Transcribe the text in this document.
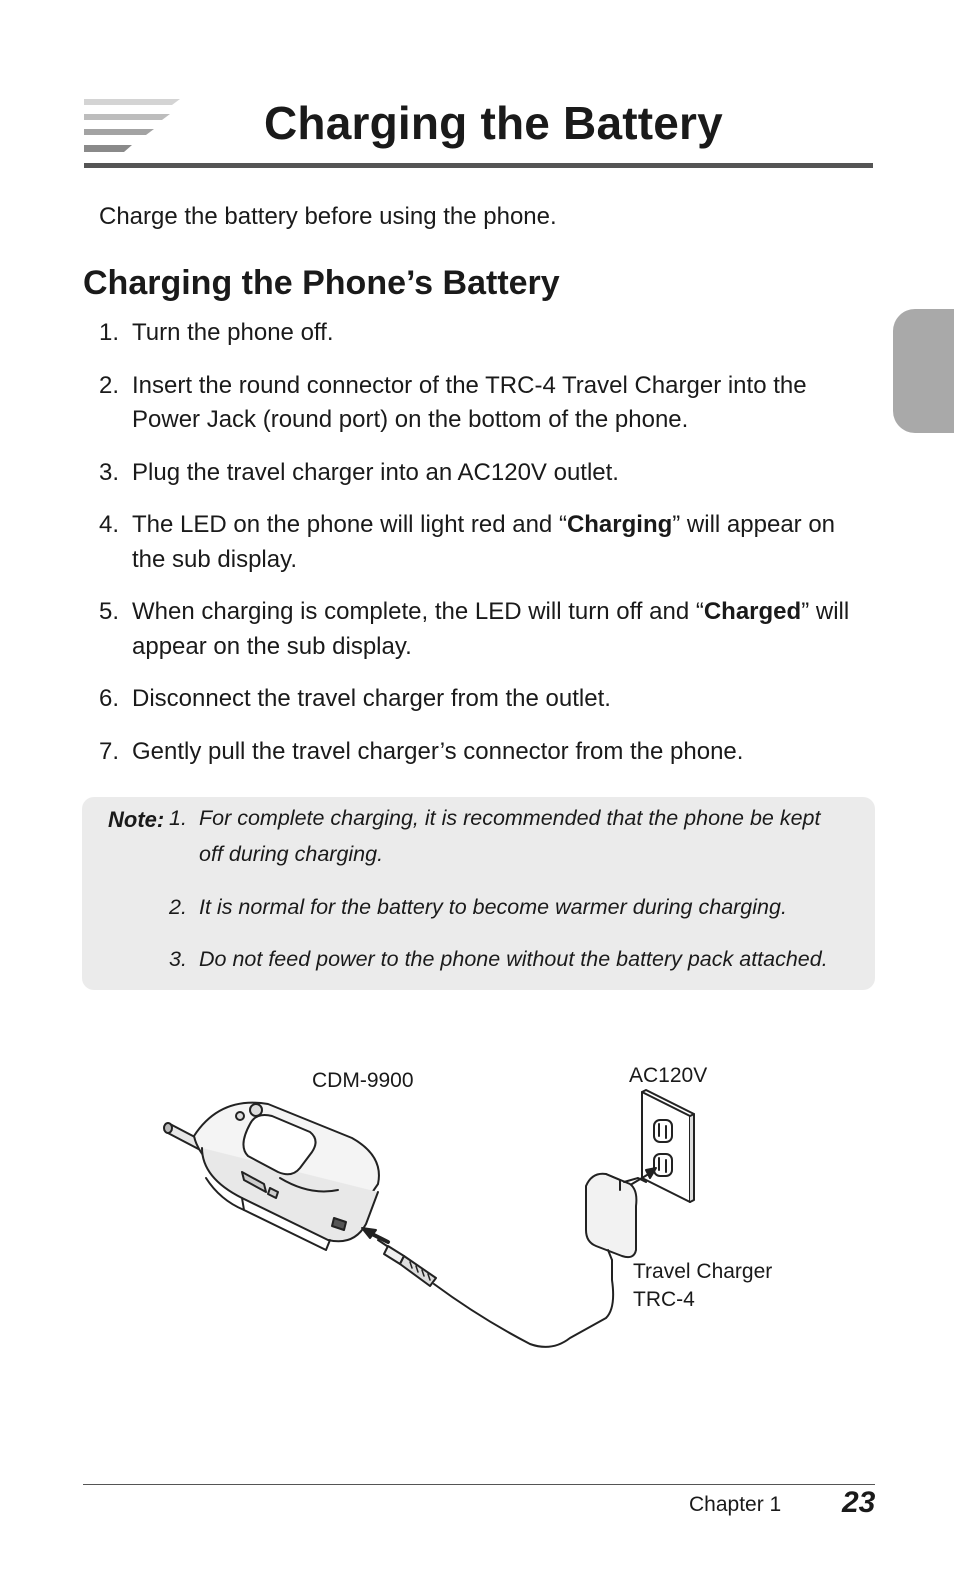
Charging the Battery

Charge the battery before using the phone.

Charging the Phone’s Battery
1. Turn the phone off.
2. Insert the round connector of the TRC-4 Travel Charger into the Power Jack (round port) on the bottom of the phone.
3. Plug the travel charger into an AC120V outlet.
4. The LED on the phone will light red and “Charging” will appear on the sub display.
5. When charging is complete, the LED will turn off and “Charged” will appear on the sub display.
6. Disconnect the travel charger from the outlet.
7. Gently pull the travel charger’s connector from the phone.
Note: 1. For complete charging, it is recommended that the phone be kept off during charging.
2. It is normal for the battery to become warmer during charging.
3. Do not feed power to the phone without the battery pack attached.
CDM-9900	AC120V
Travel Charger
TRC-4
Chapter 1 23
